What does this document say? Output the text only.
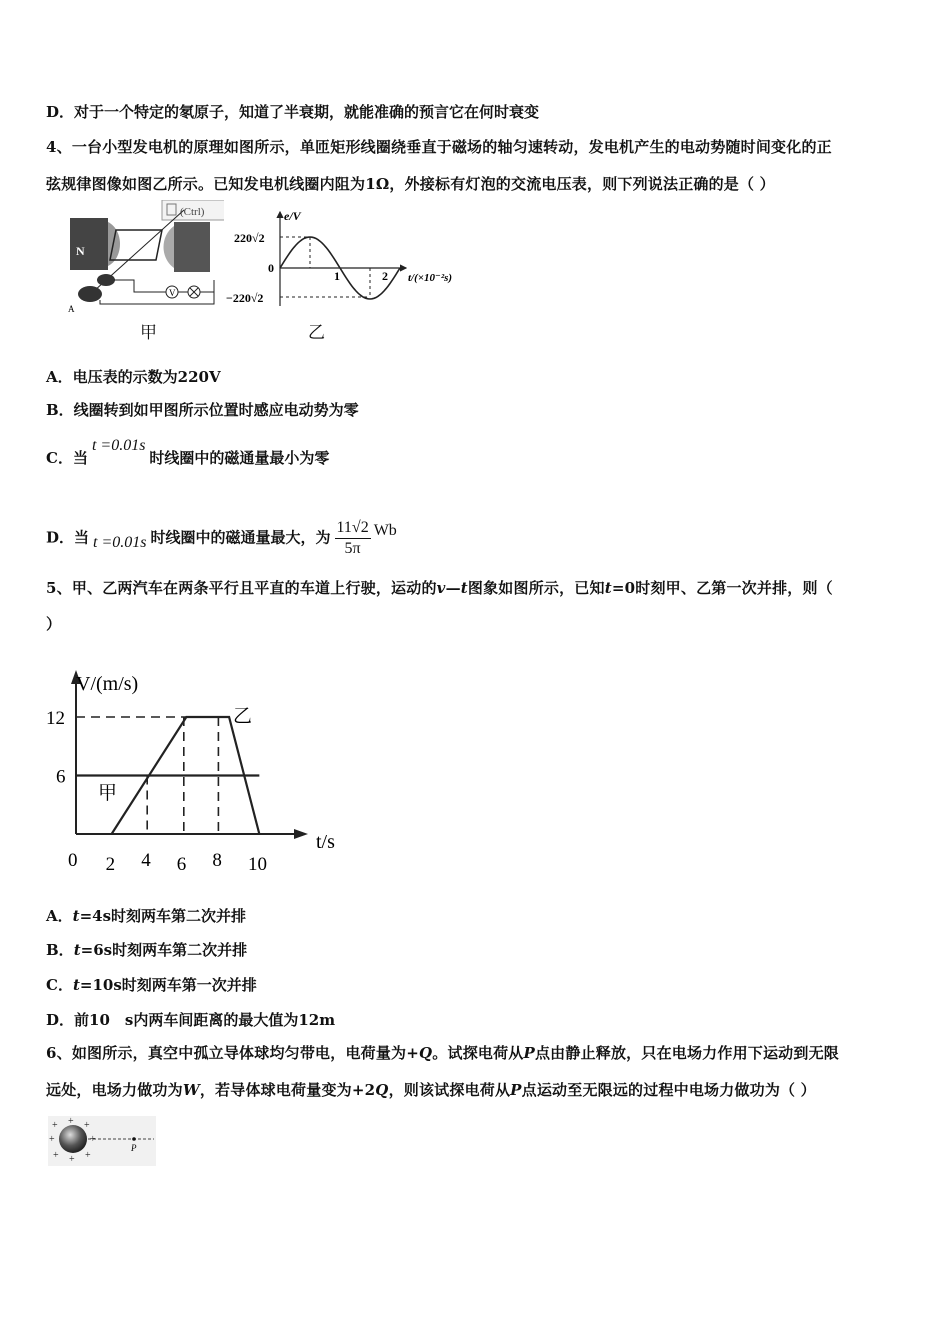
D．对于一个特定的氡原子，知道了半衰期，就能准确的预言它在何时衰变
4、一台小型发电机的原理如图所示，单匝矩形线圈绕垂直于磁场的轴匀速转动，发电机产生的电动势随时间变化的正
弦规律图像如图乙所示。已知发电机线圈内阻为1Ω，外接标有灯泡的交流电压表，则下列说法正确的是（ ）
(Ctrl)
N
V
A
甲
e/V
t/(×10⁻²s)
220√2
0
−220√2
1	2
乙
A．电压表的示数为220V
B．线圈转到如甲图所示位置时感应电动势为零
C．当t =0.01s时线圈中的磁通量最小为零
D．当 t =0.01s 时线圈中的磁通量最大，为 $\frac{11√2}{5\pi}$ Wb
5、甲、乙两汽车在两条平行且平直的车道上行驶，运动的v—t图象如图所示，已知t=0时刻甲、乙第一次并排，则（
）
V/(m/s)
t/s
12
6
0 2 4 6 8 10
甲
乙
A．t=4s时刻两车第二次并排
B．t=6s时刻两车第二次并排
C．t=10s时刻两车第一次并排
D．前10　s内两车间距离的最大值为12m
6、如图所示，真空中孤立导体球均匀带电，电荷量为+Q。试探电荷从P点由静止释放，只在电场力作用下运动到无限
远处，电场力做功为W，若导体球电荷量变为+2Q，则该试探电荷从P点运动至无限远的过程中电场力做功为（ ）
+ + +
+	+
+ + +
P
